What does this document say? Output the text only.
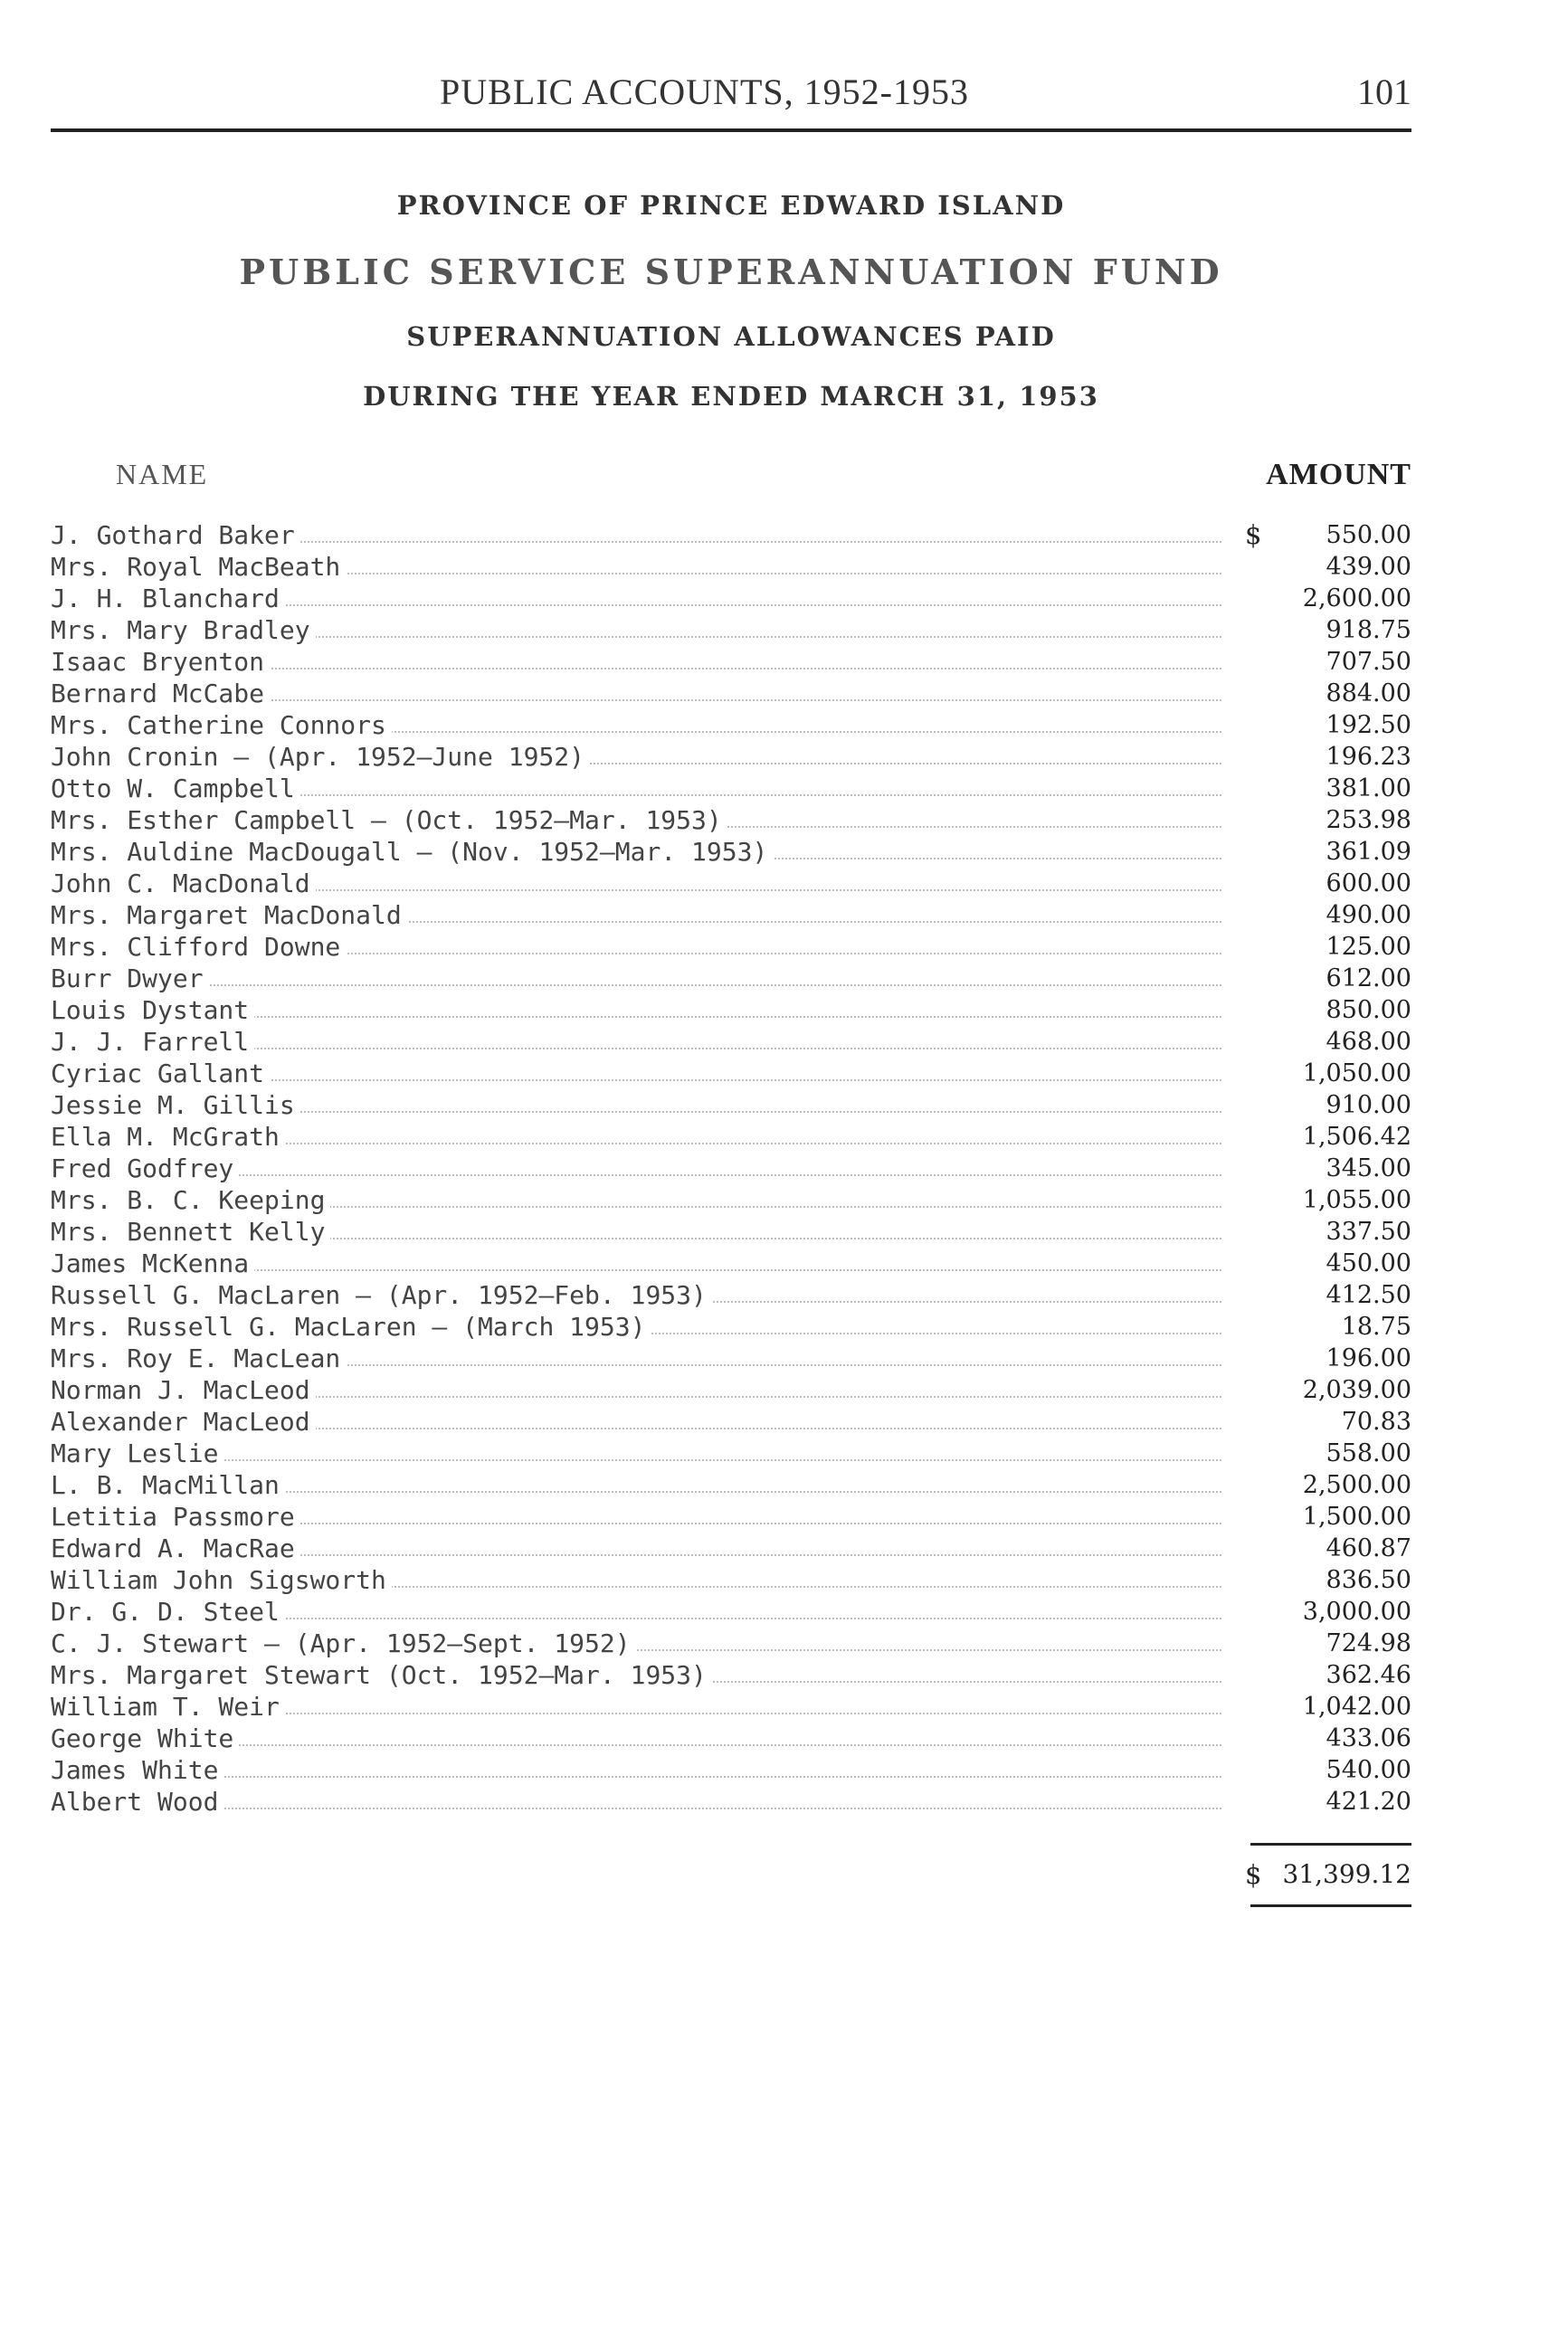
PUBLIC ACCOUNTS, 1952-1953	101
PROVINCE OF PRINCE EDWARD ISLAND
PUBLIC SERVICE SUPERANNUATION FUND
SUPERANNUATION ALLOWANCES PAID
DURING THE YEAR ENDED MARCH 31, 1953
NAME	AMOUNT
J. Gothard Baker	$	550.00
Mrs. Royal MacBeath	439.00
J. H. Blanchard	2,600.00
Mrs. Mary Bradley	918.75
Isaac Bryenton	707.50
Bernard McCabe	884.00
Mrs. Catherine Connors	192.50
John Cronin — (Apr. 1952—June 1952)	196.23
Otto W. Campbell	381.00
Mrs. Esther Campbell — (Oct. 1952—Mar. 1953)	253.98
Mrs. Auldine MacDougall — (Nov. 1952—Mar. 1953)	361.09
John C. MacDonald	600.00
Mrs. Margaret MacDonald	490.00
Mrs. Clifford Downe	125.00
Burr Dwyer	612.00
Louis Dystant	850.00
J. J. Farrell	468.00
Cyriac Gallant	1,050.00
Jessie M. Gillis	910.00
Ella M. McGrath	1,506.42
Fred Godfrey	345.00
Mrs. B. C. Keeping	1,055.00
Mrs. Bennett Kelly	337.50
James McKenna	450.00
Russell G. MacLaren — (Apr. 1952—Feb. 1953)	412.50
Mrs. Russell G. MacLaren — (March 1953)	18.75
Mrs. Roy E. MacLean	196.00
Norman J. MacLeod	2,039.00
Alexander MacLeod	70.83
Mary Leslie	558.00
L. B. MacMillan	2,500.00
Letitia Passmore	1,500.00
Edward A. MacRae	460.87
William John Sigsworth	836.50
Dr. G. D. Steel	3,000.00
C. J. Stewart — (Apr. 1952—Sept. 1952)	724.98
Mrs. Margaret Stewart (Oct. 1952—Mar. 1953)	362.46
William T. Weir	1,042.00
George White	433.06
James White	540.00
Albert Wood	421.20
$ 31,399.12
